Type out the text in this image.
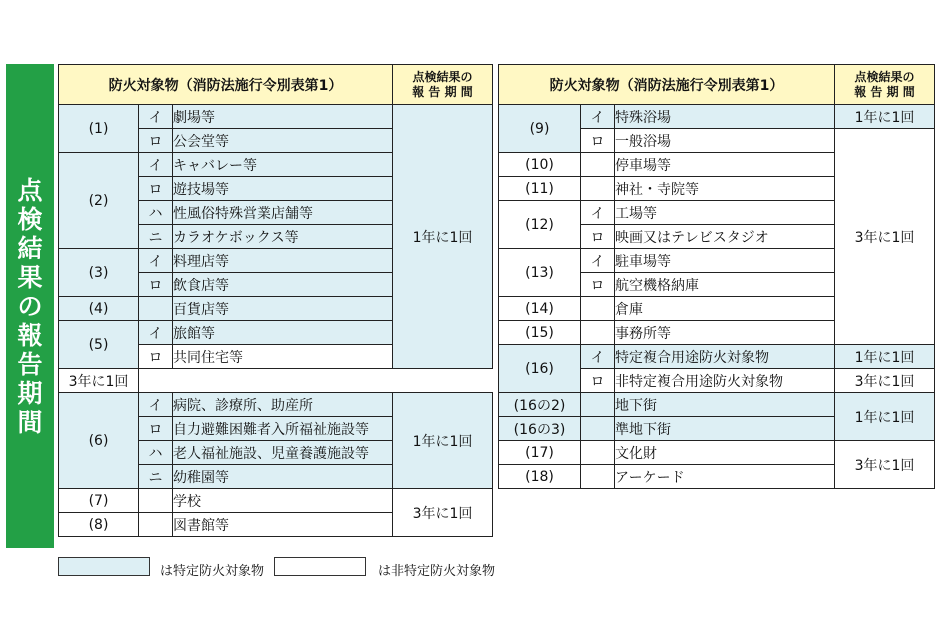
点
検
結
果
の
報
告
期
間
防火対象物（消防法施行令別表第1）			点検結果の
報 告 期 間
(1)	イ	劇場等	1年に1回
	ロ	公会堂等	
(2)	イ	キャバレー等	
	ロ	遊技場等	
	ハ	性風俗特殊営業店舗等	
	ニ	カラオケボックス等	
(3)	イ	料理店等	
	ロ	飲食店等	
(4)		百貨店等	
(5)	イ	旅館等	
	ロ	共同住宅等	
3年に1回			
(6)	イ	病院、診療所、助産所	1年に1回
	ロ	自力避難困難者入所福祉施設等	
	ハ	老人福祉施設、児童養護施設等	
	ニ	幼稚園等	
(7)		学校	3年に1回
(8)		図書館等	
防火対象物（消防法施行令別表第1）			点検結果の
報 告 期 間
(9)	イ	特殊浴場	1年に1回
	ロ	一般浴場	3年に1回
(10)		停車場等	
(11)		神社・寺院等	
(12)	イ	工場等	
	ロ	映画又はテレビスタジオ	
(13)	イ	駐車場等	
	ロ	航空機格納庫	
(14)		倉庫	
(15)		事務所等	
(16)	イ	特定複合用途防火対象物	1年に1回
	ロ	非特定複合用途防火対象物	3年に1回
(16の2)		地下街	1年に1回
(16の3)		準地下街	
(17)		文化財	3年に1回
(18)		アーケード	
は特定防火対象物	は非特定防火対象物
